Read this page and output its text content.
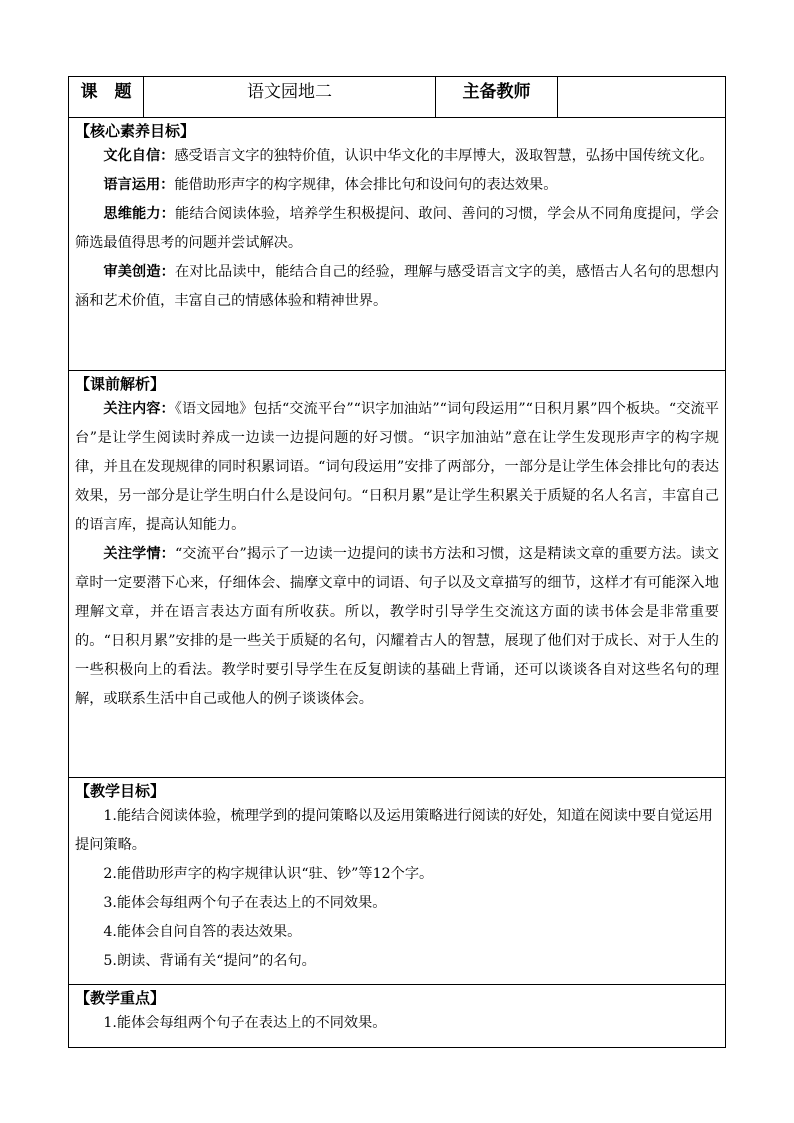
课　题	语文园地二	主备教师	

【核心素养目标】

文化自信：感受语言文字的独特价值，认识中华文化的丰厚博大，汲取智慧，弘扬中国传统文化。

语言运用：能借助形声字的构字规律，体会排比句和设问句的表达效果。

思维能力：能结合阅读体验，培养学生积极提问、敢问、善问的习惯，学会从不同角度提问，学会筛选最值得思考的问题并尝试解决。

审美创造：在对比品读中，能结合自己的经验，理解与感受语言文字的美，感悟古人名句的思想内涵和艺术价值，丰富自己的情感体验和精神世界。

【课前解析】

关注内容：《语文园地》包括“交流平台”“识字加油站”“词句段运用”“日积月累”四个板块。“交流平台”是让学生阅读时养成一边读一边提问题的好习惯。“识字加油站”意在让学生发现形声字的构字规律，并且在发现规律的同时积累词语。“词句段运用”安排了两部分，一部分是让学生体会排比句的表达效果，另一部分是让学生明白什么是设问句。“日积月累”是让学生积累关于质疑的名人名言，丰富自己的语言库，提高认知能力。

关注学情：“交流平台”揭示了一边读一边提问的读书方法和习惯，这是精读文章的重要方法。读文章时一定要潜下心来，仔细体会、揣摩文章中的词语、句子以及文章描写的细节，这样才有可能深入地理解文章，并在语言表达方面有所收获。所以，教学时引导学生交流这方面的读书体会是非常重要的。“日积月累”安排的是一些关于质疑的名句，闪耀着古人的智慧，展现了他们对于成长、对于人生的一些积极向上的看法。教学时要引导学生在反复朗读的基础上背诵，还可以谈谈各自对这些名句的理解，或联系生活中自己或他人的例子谈谈体会。

【教学目标】

1.能结合阅读体验，梳理学到的提问策略以及运用策略进行阅读的好处，知道在阅读中要自觉运用提问策略。

2.能借助形声字的构字规律认识“驻、钞”等12个字。

3.能体会每组两个句子在表达上的不同效果。

4.能体会自问自答的表达效果。

5.朗读、背诵有关“提问”的名句。

【教学重点】

1.能体会每组两个句子在表达上的不同效果。
